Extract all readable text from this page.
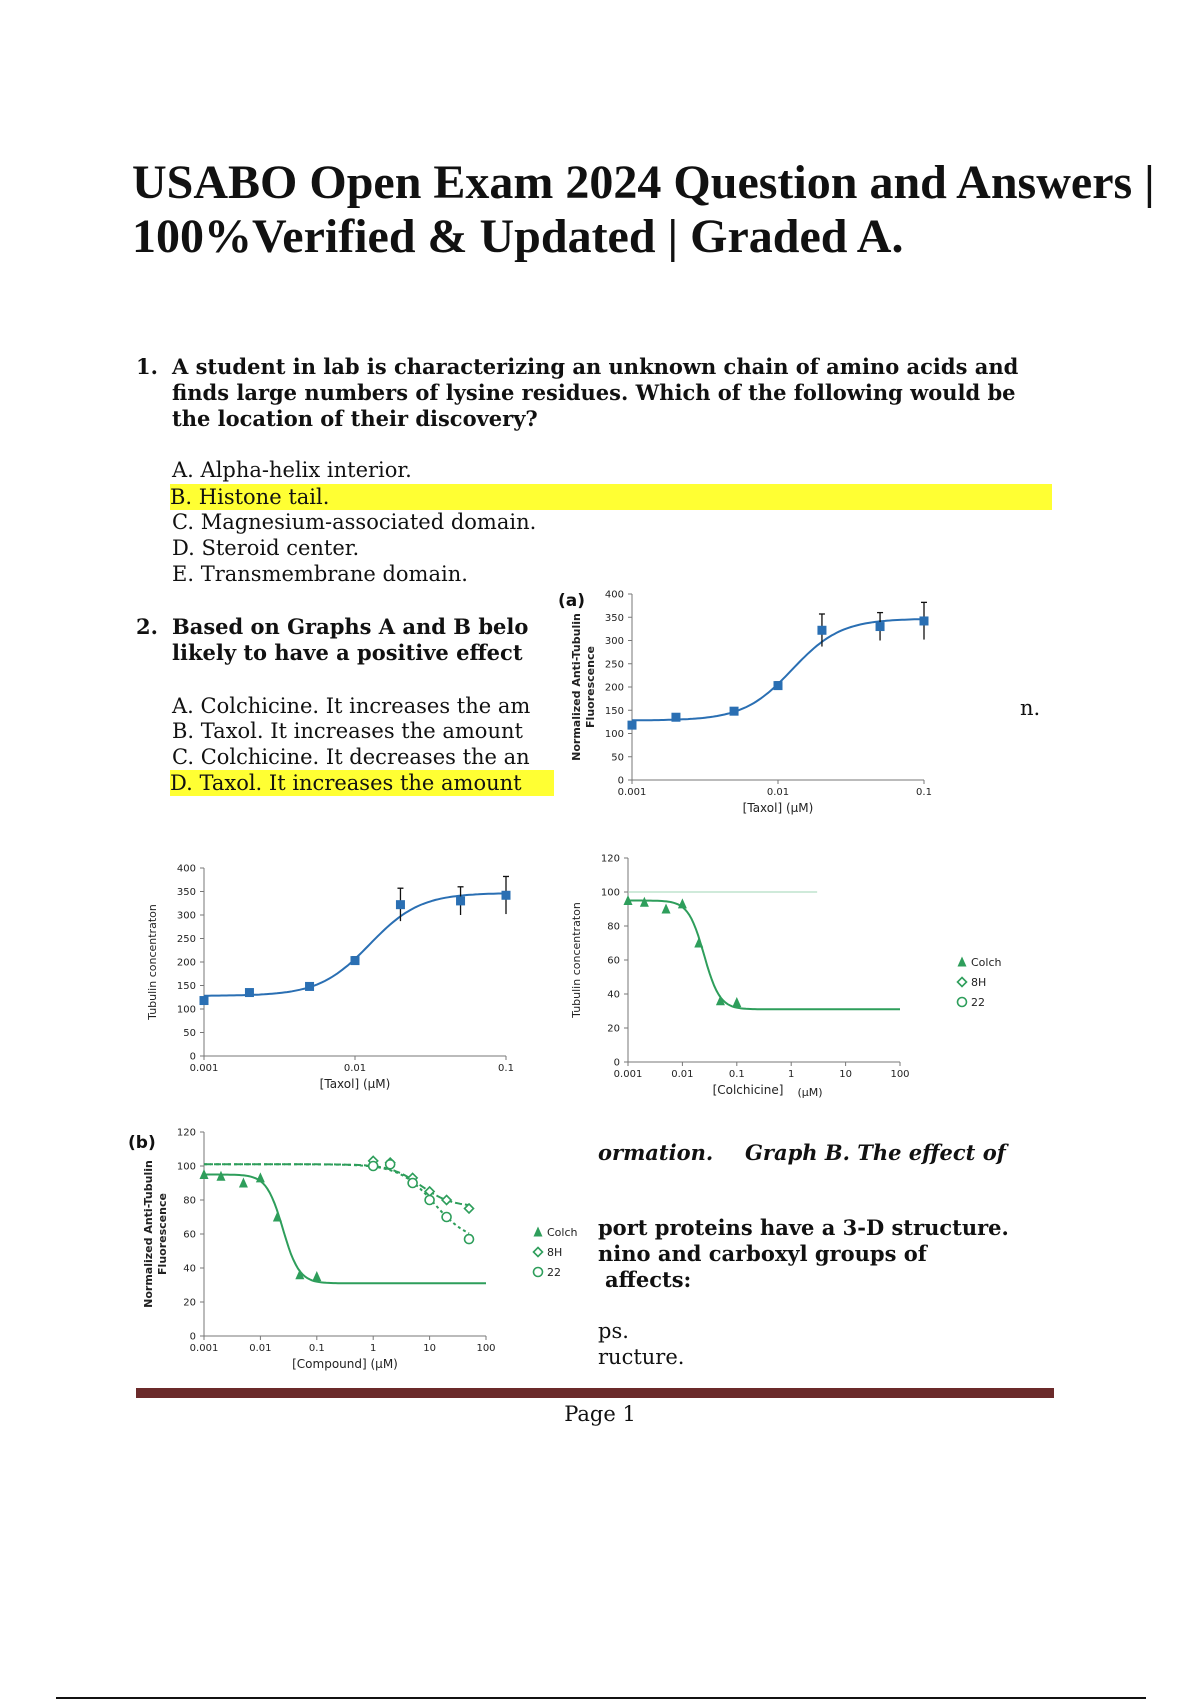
USABO Open Exam 2024 Question and Answers | 100%Verified & Updated | Graded A.
1. A student in lab is characterizing an unknown chain of amino acids and finds large numbers of lysine residues. Which of the following would be the location of their discovery?
A. Alpha-helix interior.
B. Histone tail.
C. Magnesium-associated domain.
D. Steroid center.
E. Transmembrane domain.
2. Based on Graphs A and B belo
likely to have a positive effect
A. Colchicine. It increases the am
B. Taxol. It increases the amount
C. Colchicine. It decreases the an
D. Taxol. It increases the amount
n.
ormation. Graph B. The effect of
port proteins have a 3-D structure.
nino and carboxyl groups of
affects:
ps.
ructure.
0
50
100
150
200
250
300
350
400
0.001	0.01	0.1
[Taxol] (µM)
Normalized Anti-Tubulin Fluorescence
(a)
0
50
100
150
200
250
300
350
400
0.001	0.01	0.1
[Taxol] (µM)
Tubulin concentraton
0
20
40
60
80
100
120
0.001	0.01	0.1	1	10	100
[Colchicine] (µM)
Tubulin concentraton	Colch
8H
22
0
20
40
60
80
100
120
0.001	0.01	0.1	1	10	100
[Compound] (µM)
Normalized Anti-Tubulin Fluorescence
(b)
Colch
8H
22
Page 1
